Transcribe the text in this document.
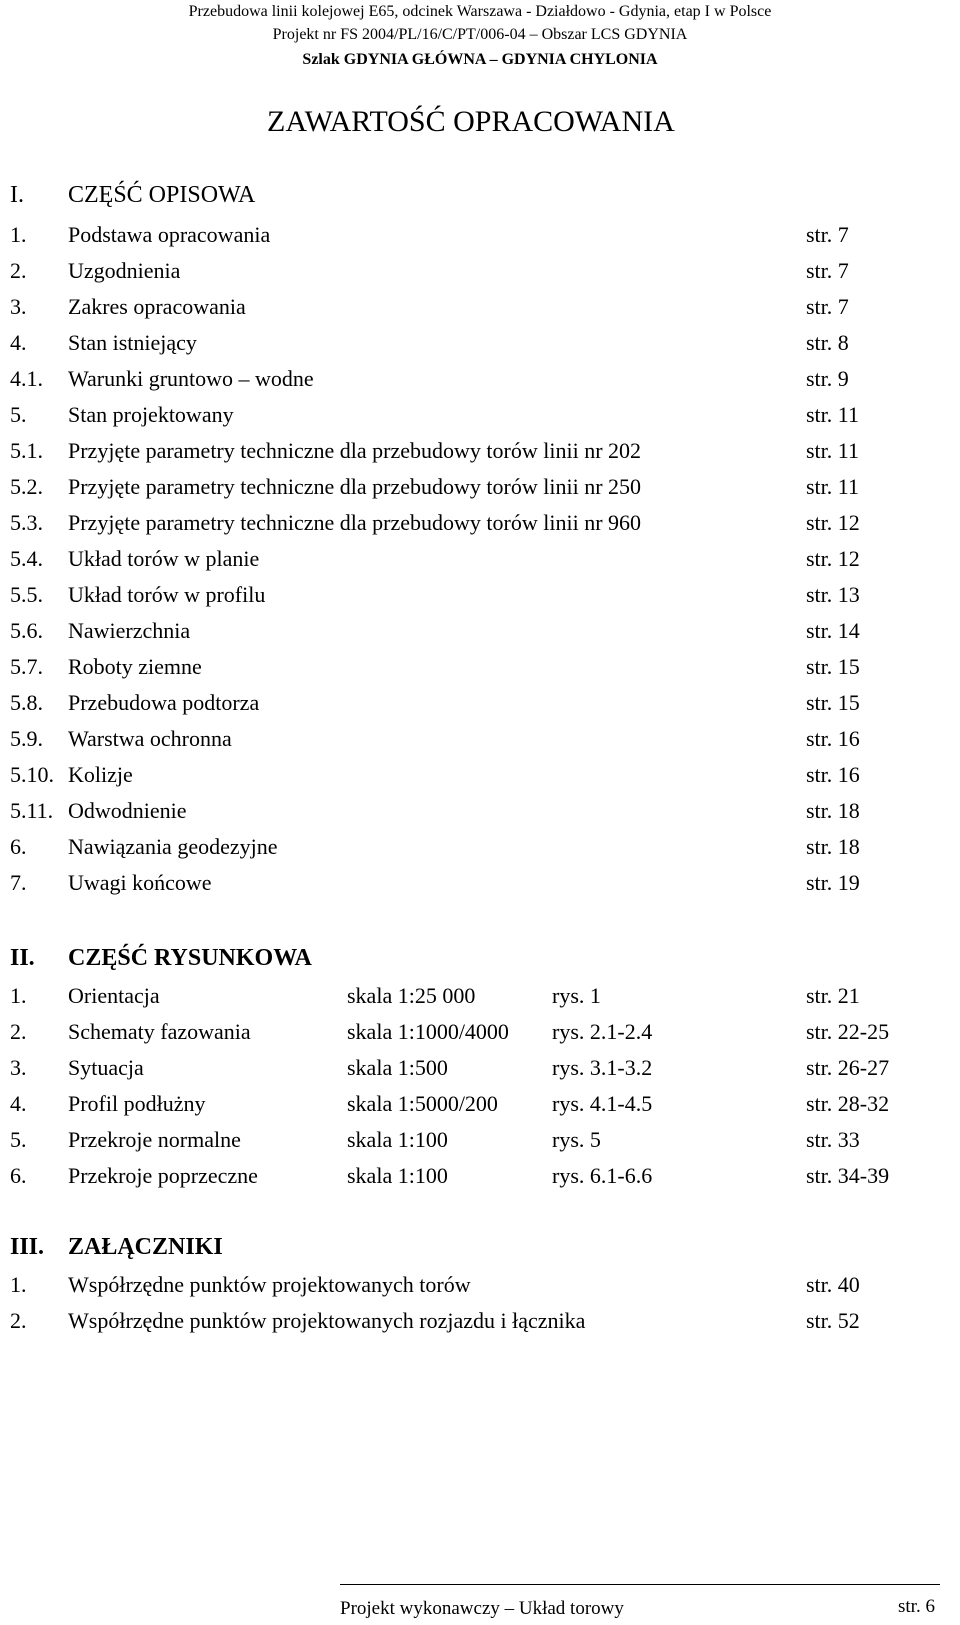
Przebudowa linii kolejowej E65, odcinek Warszawa - Działdowo - Gdynia, etap I w Polsce
Projekt nr FS 2004/PL/16/C/PT/006-04 – Obszar LCS GDYNIA
Szlak GDYNIA GŁÓWNA – GDYNIA CHYLONIA
ZAWARTOŚĆ OPRACOWANIA
I. CZĘŚĆ OPISOWA
1. Podstawa opracowania	str. 7
2. Uzgodnienia	str. 7
3. Zakres opracowania	str. 7
4. Stan istniejący	str. 8
4.1. Warunki gruntowo – wodne	str. 9
5. Stan projektowany	str. 11
5.1. Przyjęte parametry techniczne dla przebudowy torów linii nr 202	str. 11
5.2. Przyjęte parametry techniczne dla przebudowy torów linii nr 250	str. 11
5.3. Przyjęte parametry techniczne dla przebudowy torów linii nr 960	str. 12
5.4. Układ torów w planie	str. 12
5.5. Układ torów w profilu	str. 13
5.6. Nawierzchnia	str. 14
5.7. Roboty ziemne	str. 15
5.8. Przebudowa podtorza	str. 15
5.9. Warstwa ochronna	str. 16
5.10. Kolizje	str. 16
5.11. Odwodnienie	str. 18
6. Nawiązania geodezyjne	str. 18
7. Uwagi końcowe	str. 19
II. CZĘŚĆ RYSUNKOWA
1. Orientacja	skala 1:25 000	rys. 1	str. 21
2. Schematy fazowania	skala 1:1000/4000 rys. 2.1-2.4	str. 22-25
3. Sytuacja	skala 1:500	rys. 3.1-3.2	str. 26-27
4. Profil podłużny	skala 1:5000/200 rys. 4.1-4.5	str. 28-32
5. Przekroje normalne	skala 1:100	rys. 5	str. 33
6. Przekroje poprzeczne	skala 1:100	rys. 6.1-6.6	str. 34-39
III. ZAŁĄCZNIKI
1. Współrzędne punktów projektowanych torów	str. 40
2. Współrzędne punktów projektowanych rozjazdu i łącznika	str. 52
Projekt wykonawczy – Układ torowy	str. 6
